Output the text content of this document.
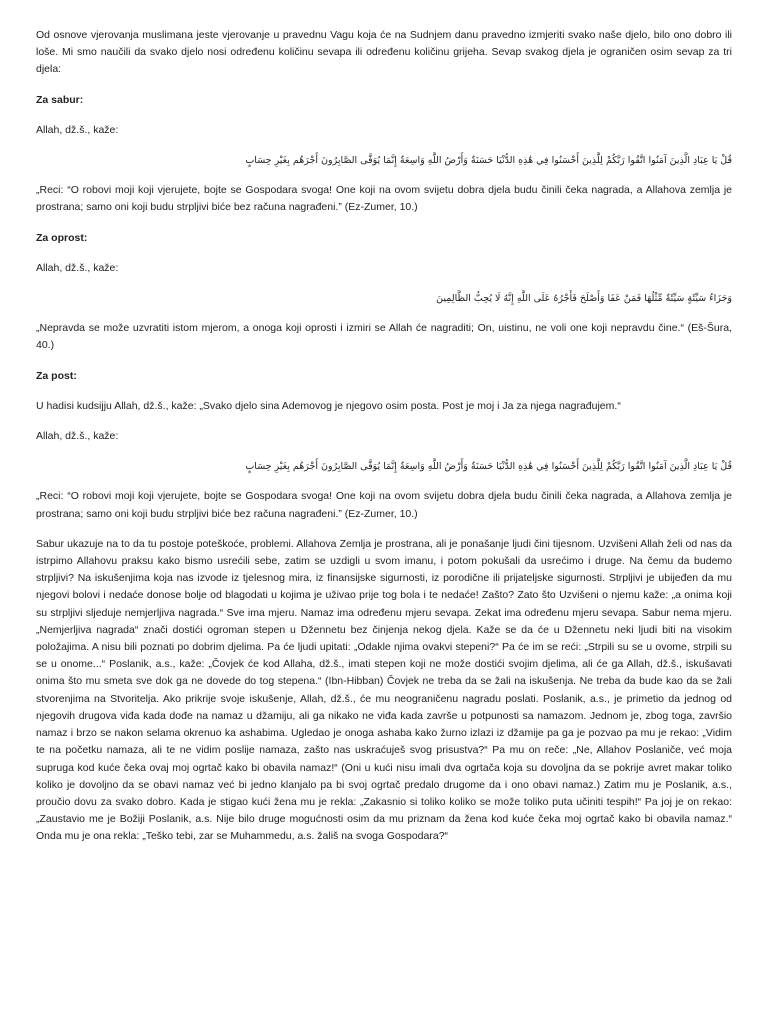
Od osnove vjerovanja muslimana jeste vjerovanje u pravednu Vagu koja će na Sudnjem danu pravedno izmjeriti svako naše djelo, bilo ono dobro ili loše. Mi smo naučili da svako djelo nosi određenu količinu sevapa ili određenu količinu grijeha. Sevap svakog djela je ograničen osim sevap za tri djela:

Za sabur:

Allah, dž.š., kaže:

قُلْ يَا عِبَادِ الَّذِينَ آمَنُوا اتَّقُوا رَبَّكُمْ لِلَّذِينَ أَحْسَنُوا فِي هَٰذِهِ الدُّنْيَا حَسَنَةٌ وَأَرْضُ اللَّهِ وَاسِعَةٌ إِنَّمَا يُوَفَّى الصَّابِرُونَ أَجْرَهُم بِغَيْرِ حِسَابٍ

„Reci: “O robovi moji koji vjerujete, bojte se Gospodara svoga! One koji na ovom svijetu dobra djela budu činili čeka nagrada, a Allahova zemlja je prostrana; samo oni koji budu strpljivi biće bez računa nagrađeni.” (Ez-Zumer, 10.)

Za oprost:

Allah, dž.š., kaže:

وَجَزَاءُ سَيِّئَةٍ سَيِّئَةٌ مِّثْلُهَا فَمَنْ عَفَا وَأَصْلَحَ فَأَجْرُهُ عَلَى اللَّهِ إِنَّهُ لَا يُحِبُّ الظَّالِمِينَ

„Nepravda se može uzvratiti istom mjerom, a onoga koji oprosti i izmiri se Allah će nagraditi; On, uistinu, ne voli one koji nepravdu čine.“ (Eš-Šura, 40.)

Za post:

U hadisi kudsijju Allah, dž.š., kaže: „Svako djelo sina Ademovog je njegovo osim posta. Post je moj i Ja za njega nagrađujem.“

Allah, dž.š., kaže:

قُلْ يَا عِبَادِ الَّذِينَ آمَنُوا اتَّقُوا رَبَّكُمْ لِلَّذِينَ أَحْسَنُوا فِي هَٰذِهِ الدُّنْيَا حَسَنَةٌ وَأَرْضُ اللَّهِ وَاسِعَةٌ إِنَّمَا يُوَفَّى الصَّابِرُونَ أَجْرَهُم بِغَيْرِ حِسَابٍ

„Reci: “O robovi moji koji vjerujete, bojte se Gospodara svoga! One koji na ovom svijetu dobra djela budu činili čeka nagrada, a Allahova zemlja je prostrana; samo oni koji budu strpljivi biće bez računa nagrađeni.” (Ez-Zumer, 10.)

Sabur ukazuje na to da tu postoje poteškoće, problemi. Allahova Zemlja je prostrana, ali je ponašanje ljudi čini tijesnom. Uzvišeni Allah želi od nas da istrpimo Allahovu praksu kako bismo usrećili sebe, zatim se uzdigli u svom imanu, i potom pokušali da usrećimo i druge. Na čemu da budemo strpljivi? Na iskušenjima koja nas izvode iz tjelesnog mira, iz finansijske sigurnosti, iz porodične ili prijateljske sigurnosti. Strpljivi je ubijeđen da mu njegovi bolovi i nedaće donose bolje od blagodati u kojima je uživao prije tog bola i te nedaće! Zašto? Zato što Uzvišeni o njemu kaže: „a onima koji su strpljivi sljeduje nemjerljiva nagrada.“ Sve ima mjeru. Namaz ima određenu mjeru sevapa. Zekat ima određenu mjeru sevapa. Sabur nema mjeru. „Nemjerljiva nagrada“ znači dostići ogroman stepen u Džennetu bez činjenja nekog djela. Kaže se da će u Džennetu neki ljudi biti na visokim položajima. A nisu bili poznati po dobrim djelima. Pa će ljudi upitati: „Odakle njima ovakvi stepeni?“ Pa će im se reći: „Strpili su se u ovome, strpili su se u onome...“ Poslanik, a.s., kaže: „Čovjek će kod Allaha, dž.š., imati stepen koji ne može dostići svojim djelima, ali će ga Allah, dž.š., iskušavati onima što mu smeta sve dok ga ne dovede do tog stepena.“ (Ibn-Hibban) Čovjek ne treba da se žali na iskušenja. Ne treba da bude kao da se žali stvorenjima na Stvoritelja. Ako prikrije svoje iskušenje, Allah, dž.š., će mu neograničenu nagradu poslati. Poslanik, a.s., je primetio da jednog od njegovih drugova viđa kada dođe na namaz u džamiju, ali ga nikako ne viđa kada završe u potpunosti sa namazom. Jednom je, zbog toga, završio namaz i brzo se nakon selama okrenuo ka ashabima. Ugledao je onoga ashaba kako žurno izlazi iz džamije pa ga je pozvao pa mu je rekao: „Vidim te na početku namaza, ali te ne vidim poslije namaza, zašto nas uskraćuješ svog prisustva?“ Pa mu on reče: „Ne, Allahov Poslaniče, već moja supruga kod kuće čeka ovaj moj ogrtač kako bi obavila namaz!“ (Oni u kući nisu imali dva ogrtača koja su dovoljna da se pokrije avret makar toliko koliko je dovoljno da se obavi namaz već bi jedno klanjalo pa bi svoj ogrtač predalo drugome da i ono obavi namaz.) Zatim mu je Poslanik, a.s., proučio dovu za svako dobro. Kada je stigao kući žena mu je rekla: „Zakasnio si toliko koliko se može toliko puta učiniti tespih!“ Pa joj je on rekao: „Zaustavio me je Božiji Poslanik, a.s. Nije bilo druge mogućnosti osim da mu priznam da žena kod kuće čeka moj ogrtač kako bi obavila namaz.“ Onda mu je ona rekla: „Teško tebi, zar se Muhammedu, a.s. žališ na svoga Gospodara?“
